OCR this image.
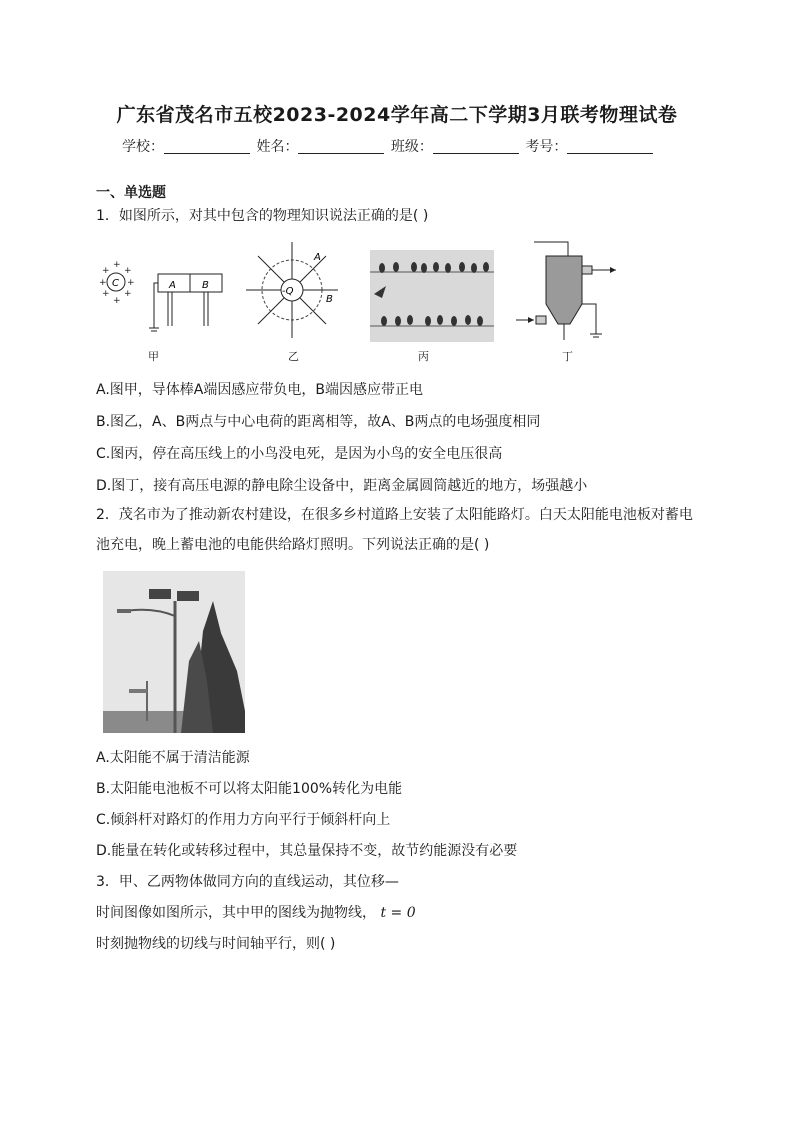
广东省茂名市五校2023-2024学年高二下学期3月联考物理试卷
学校：	姓名：	班级：	考号：
一、单选题
1．如图所示，对其中包含的物理知识说法正确的是( )
C
+
+
+ +
+ +
+ +
A	B
甲
-Q
A
B
乙	丙	丁
A.图甲，导体棒A端因感应带负电，B端因感应带正电
B.图乙，A、B两点与中心电荷的距离相等，故A、B两点的电场强度相同
C.图丙，停在高压线上的小鸟没电死，是因为小鸟的安全电压很高
D.图丁，接有高压电源的静电除尘设备中，距离金属圆筒越近的地方，场强越小
2．茂名市为了推动新农村建设，在很多乡村道路上安装了太阳能路灯。白天太阳能电池板对蓄电池充电，晚上蓄电池的电能供给路灯照明。下列说法正确的是( )
A.太阳能不属于清洁能源
B.太阳能电池板不可以将太阳能100%转化为电能
C.倾斜杆对路灯的作用力方向平行于倾斜杆向上
D.能量在转化或转移过程中，其总量保持不变，故节约能源没有必要
3．甲、乙两物体做同方向的直线运动，其位移—
时间图像如图所示，其中甲的图线为抛物线， t = 0
时刻抛物线的切线与时间轴平行，则( )
